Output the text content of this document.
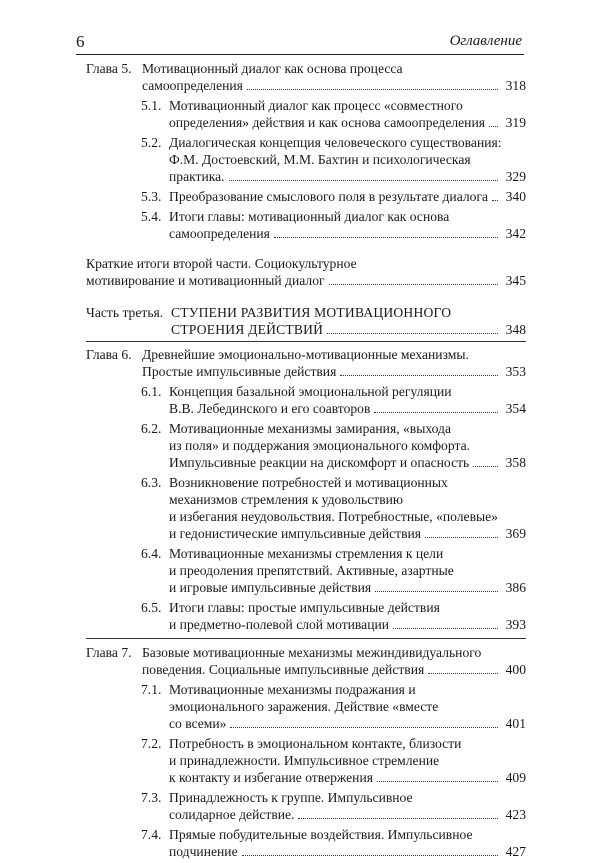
6	Оглавление
Глава 5. Мотивационный диалог как основа процесса
самоопределения	318
5.1. Мотивационный диалог как процесс «совместного
определения» действия и как основа самоопределения 319
5.2. Диалогическая концепция человеческого существования:
Ф.М. Достоевский, М.М. Бахтин и психологическая
практика.	329
5.3. Преобразование смыслового поля в результате диалога 340
5.4. Итоги главы: мотивационный диалог как основа
самоопределения	342
Краткие итоги второй части. Социокультурное
мотивирование и мотивационный диалог	345
Часть третья. СТУПЕНИ РАЗВИТИЯ МОТИВАЦИОННОГО
СТРОЕНИЯ ДЕЙСТВИЙ	348
Глава 6. Древнейшие эмоционально-мотивационные механизмы.
Простые импульсивные действия	353
6.1. Концепция базальной эмоциональной регуляции
В.В. Лебединского и его соавторов	354
6.2. Мотивационные механизмы замирания, «выхода
из поля» и поддержания эмоционального комфорта.
Импульсивные реакции на дискомфорт и опасность	358
6.3. Возникновение потребностей и мотивационных
механизмов стремления к удовольствию
и избегания неудовольствия. Потребностные, «полевые»
и гедонистические импульсивные действия	369
6.4. Мотивационные механизмы стремления к цели
и преодоления препятствий. Активные, азартные
и игровые импульсивные действия	386
6.5. Итоги главы: простые импульсивные действия
и предметно-полевой слой мотивации	393
Глава 7. Базовые мотивационные механизмы межиндивидуального
поведения. Социальные импульсивные действия	400
7.1. Мотивационные механизмы подражания и
эмоционального заражения. Действие «вместе
со всеми»	401
7.2. Потребность в эмоциональном контакте, близости
и принадлежности. Импульсивное стремление
к контакту и избегание отвержения	409
7.3. Принадлежность к группе. Импульсивное
солидарное действие.	423
7.4. Прямые побудительные воздействия. Импульсивное
подчинение	427
